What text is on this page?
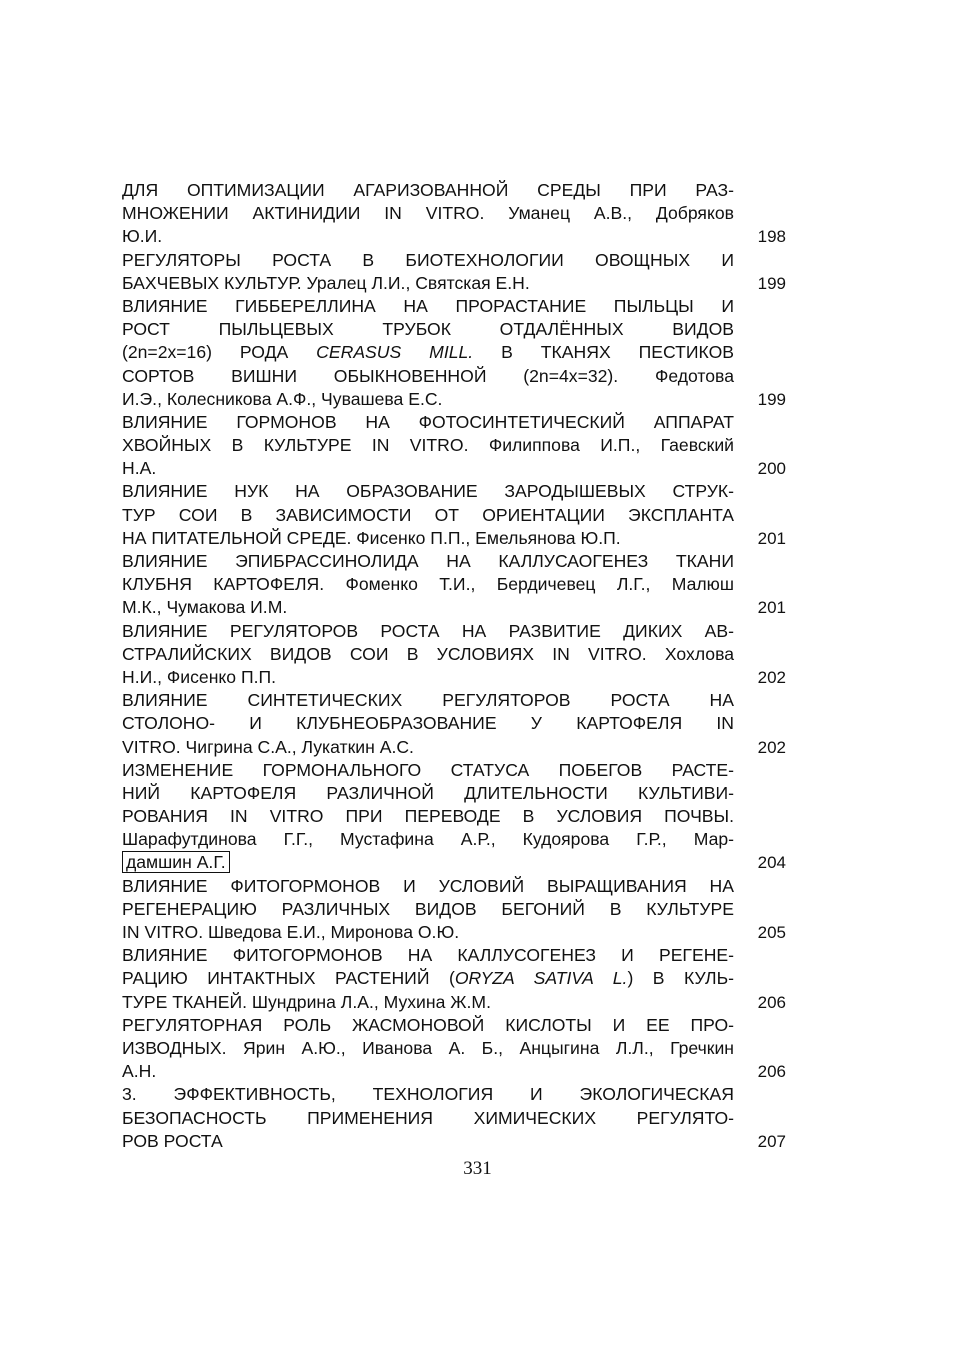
ДЛЯ ОПТИМИЗАЦИИ АГАРИЗОВАННОЙ СРЕДЫ ПРИ РАЗ-
МНОЖЕНИИ АКТИНИДИИ IN VITRO. Уманец А.В., Добряков
Ю.И.	198
РЕГУЛЯТОРЫ РОСТА В БИОТЕХНОЛОГИИ ОВОЩНЫХ И
БАХЧЕВЫХ КУЛЬТУР. Уралец Л.И., Святская Е.Н.	199
ВЛИЯНИЕ ГИББЕРЕЛЛИНА НА ПРОРАСТАНИЕ ПЫЛЬЦЫ И
РОСТ ПЫЛЬЦЕВЫХ ТРУБОК ОТДАЛЁННЫХ ВИДОВ
(2n=2x=16) РОДА CERASUS MILL. В ТКАНЯХ ПЕСТИКОВ
СОРТОВ ВИШНИ ОБЫКНОВЕННОЙ (2n=4x=32). Федотова
И.Э., Колесникова А.Ф., Чувашева Е.С.	199
ВЛИЯНИЕ ГОРМОНОВ НА ФОТОСИНТЕТИЧЕСКИЙ АППАРАТ
ХВОЙНЫХ В КУЛЬТУРЕ IN VITRO. Филиппова И.П., Гаевский
Н.А.	200
ВЛИЯНИЕ НУК НА ОБРАЗОВАНИЕ ЗАРОДЫШЕВЫХ СТРУК-
ТУР СОИ В ЗАВИСИМОСТИ ОТ ОРИЕНТАЦИИ ЭКСПЛАНТА
НА ПИТАТЕЛЬНОЙ СРЕДЕ. Фисенко П.П., Емельянова Ю.П.	201
ВЛИЯНИЕ ЭПИБРАССИНОЛИДА НА КАЛЛУСАОГЕНЕЗ ТКАНИ
КЛУБНЯ КАРТОФЕЛЯ. Фоменко Т.И., Бердичевец Л.Г., Малюш
М.К., Чумакова И.М.	201
ВЛИЯНИЕ РЕГУЛЯТОРОВ РОСТА НА РАЗВИТИЕ ДИКИХ АВ-
СТРАЛИЙСКИХ ВИДОВ СОИ В УСЛОВИЯХ IN VITRO. Хохлова
Н.И., Фисенко П.П.	202
ВЛИЯНИЕ СИНТЕТИЧЕСКИХ РЕГУЛЯТОРОВ РОСТА НА
СТОЛОНО- И КЛУБНЕОБРАЗОВАНИЕ У КАРТОФЕЛЯ IN
VITRO. Чигрина С.А., Лукаткин А.С.	202
ИЗМЕНЕНИЕ ГОРМОНАЛЬНОГО СТАТУСА ПОБЕГОВ РАСТЕ-
НИЙ КАРТОФЕЛЯ РАЗЛИЧНОЙ ДЛИТЕЛЬНОСТИ КУЛЬТИВИ-
РОВАНИЯ IN VITRO ПРИ ПЕРЕВОДЕ В УСЛОВИЯ ПОЧВЫ.
Шарафутдинова Г.Г., Мустафина А.Р., Кудоярова Г.Р., Мар-
дамшин А.Г.	204
ВЛИЯНИЕ ФИТОГОРМОНОВ И УСЛОВИЙ ВЫРАЩИВАНИЯ НА
РЕГЕНЕРАЦИЮ РАЗЛИЧНЫХ ВИДОВ БЕГОНИЙ В КУЛЬТУРЕ
IN VITRO. Шведова Е.И., Миронова О.Ю.	205
ВЛИЯНИЕ ФИТОГОРМОНОВ НА КАЛЛУСОГЕНЕЗ И РЕГЕНЕ-
РАЦИЮ ИНТАКТНЫХ РАСТЕНИЙ (ORYZA SATIVA L.) В КУЛЬ-
ТУРЕ ТКАНЕЙ. Шундрина Л.А., Мухина Ж.М.	206
РЕГУЛЯТОРНАЯ РОЛЬ ЖАСМОНОВОЙ КИСЛОТЫ И ЕЕ ПРО-
ИЗВОДНЫХ. Ярин А.Ю., Иванова А. Б., Анцыгина Л.Л., Гречкин
А.Н.	206
3. ЭФФЕКТИВНОСТЬ, ТЕХНОЛОГИЯ И ЭКОЛОГИЧЕСКАЯ
БЕЗОПАСНОСТЬ ПРИМЕНЕНИЯ ХИМИЧЕСКИХ РЕГУЛЯТО-
РОВ РОСТА	207
331
